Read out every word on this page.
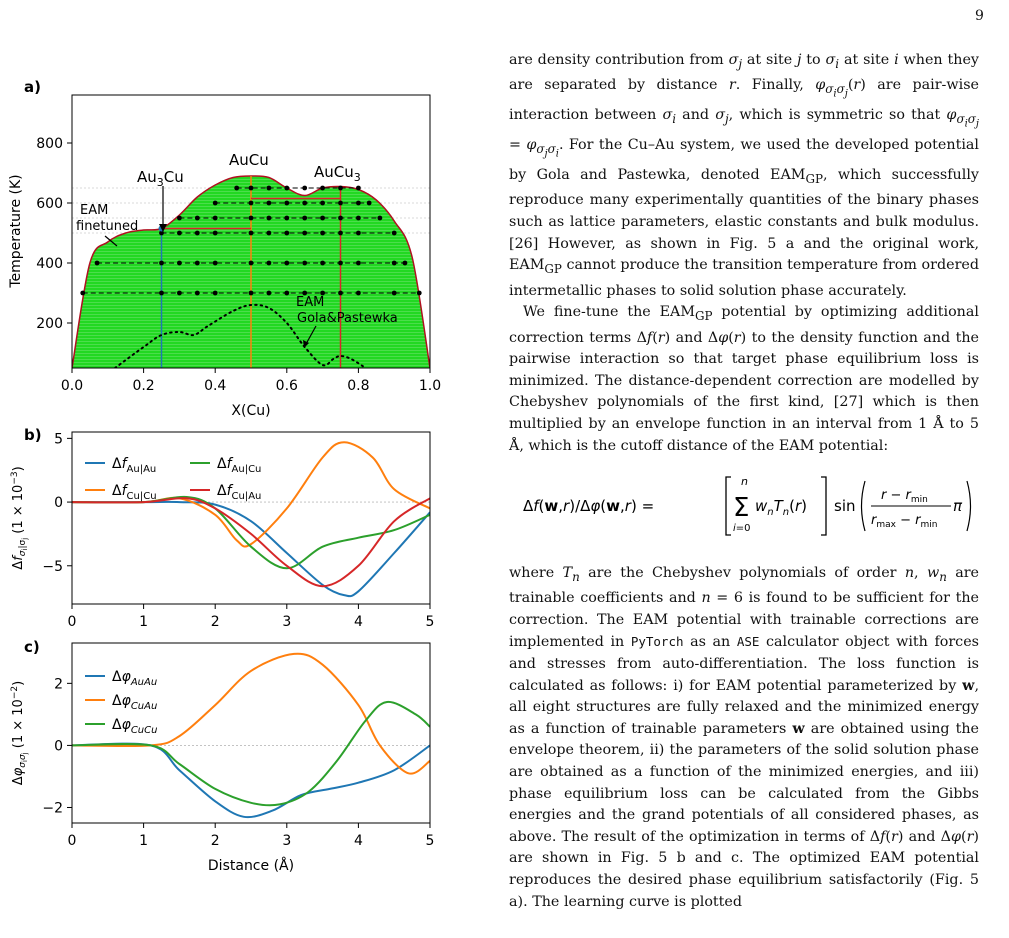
9
a)
b)
c)
0.0	0.2	0.4	0.6	0.8	1.0
200
400
600
800
$Au_3Cu$
AuCu
AuCu$_3$
EAM
finetuned
EAM
Gola&Pastewka
X(Cu)
Temperature (K)
0	1	2	3	4	5
−5
0
5
$\Delta f_{Au|Au}$	$\Delta f_{Au|Cu}$
$\Delta f_{Cu|Cu}$	$\Delta f_{Cu|Au}$
$\Delta f_\sigma i|\sigma j$ $(1 \times 10^{-3})$
0	1	2	3	4	5
−2
0
2	$\Delta\varphi_{AuAu}$
$\Delta\varphi_{CuAu}$
$\Delta\varphi_{CuCu}$
Distance (Å)
$\Delta\varphi_\sigma i\sigma j$ $(1 \times 10^{-2})$

are density contribution from $\sigma_j$ at site j to $\sigma_i$ at site i when they are separated by distance r. Finally, $\varphi_{\sigma_i\sigma_j}(r)$ are pair-wise interaction between $\sigma_i$ and $\sigma_j$, which is symmetric so that $\varphi_{\sigma_i\sigma_j} = \varphi_{\sigma_j\sigma_i}$. For the Cu–Au system, we used the developed potential by Gola and Pastewka, denoted $EAM_{GP}$, which successfully reproduce many experimentally quantities of the binary phases such as lattice parameters, elastic constants and bulk modulus. [26] However, as shown in Fig. 5 a and the original work, $EAM_{GP}$ cannot produce the transition temperature from ordered intermetallic phases to solid solution phase accurately.

We fine-tune the $EAM_{GP}$ potential by optimizing additional correction terms Δf(r) and Δφ(r) to the density function and the pairwise interaction so that target phase equilibrium loss is minimized. The distance-dependent correction are modelled by Chebyshev polynomials of the first kind, [27] which is then multiplied by an envelope function in an interval from 1 Å to 5 Å, which is the cutoff distance of the EAM potential:

Δf(w,r)/Δφ(w,r) =
n
Σ
i=0
$w_nT_n(r)$ sin
$r - r_{min}$
$r_{max} - r_{min}$
π

where $T_n$ are the Chebyshev polynomials of order n, $w_n$ are trainable coefficients and n = 6 is found to be sufficient for the correction. The EAM potential with trainable corrections are implemented in PyTorch as an ASE calculator object with forces and stresses from auto-differentiation. The loss function is calculated as follows: i) for EAM potential parameterized by w, all eight structures are fully relaxed and the minimized energy as a function of trainable parameters w are obtained using the envelope theorem, ii) the parameters of the solid solution phase are obtained as a function of the minimized energies, and iii) phase equilibrium loss can be calculated from the Gibbs energies and the grand potentials of all considered phases, as above. The result of the optimization in terms of Δf(r) and Δφ(r) are shown in Fig. 5 b and c. The optimized EAM potential reproduces the desired phase equilibrium satisfactorily (Fig. 5 a). The learning curve is plotted
